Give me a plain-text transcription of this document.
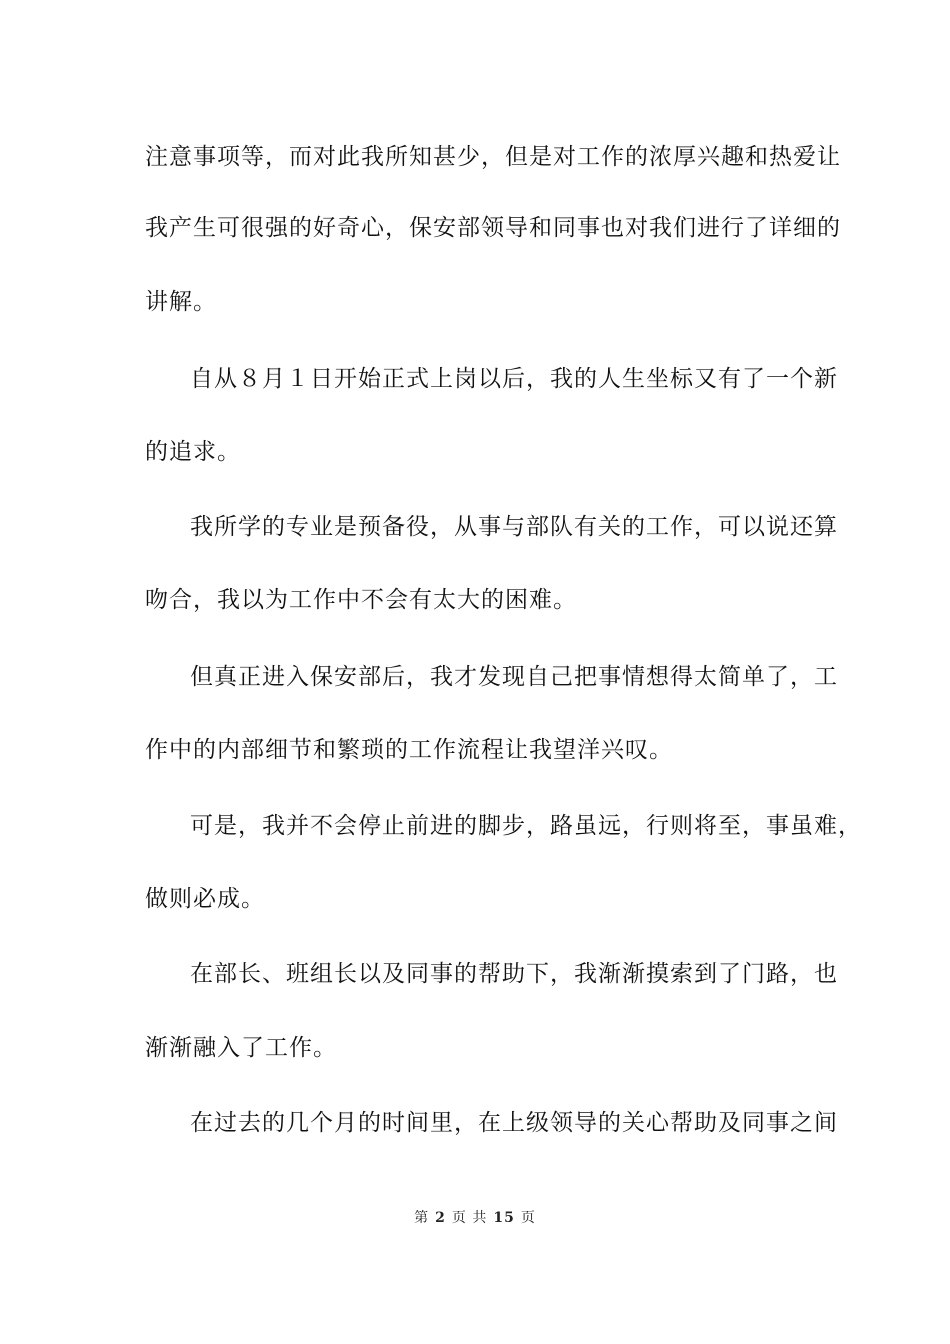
注意事项等，而对此我所知甚少，但是对工作的浓厚兴趣和热爱让
我产生可很强的好奇心，保安部领导和同事也对我们进行了详细的
讲解。
自从８月１日开始正式上岗以后，我的人生坐标又有了一个新
的追求。
我所学的专业是预备役，从事与部队有关的工作，可以说还算
吻合，我以为工作中不会有太大的困难。
但真正进入保安部后，我才发现自己把事情想得太简单了，工
作中的内部细节和繁琐的工作流程让我望洋兴叹。
可是，我并不会停止前进的脚步，路虽远，行则将至，事虽难，
做则必成。
在部长、班组长以及同事的帮助下，我渐渐摸索到了门路，也
渐渐融入了工作。
在过去的几个月的时间里，在上级领导的关心帮助及同事之间
第 2 页 共 15 页
